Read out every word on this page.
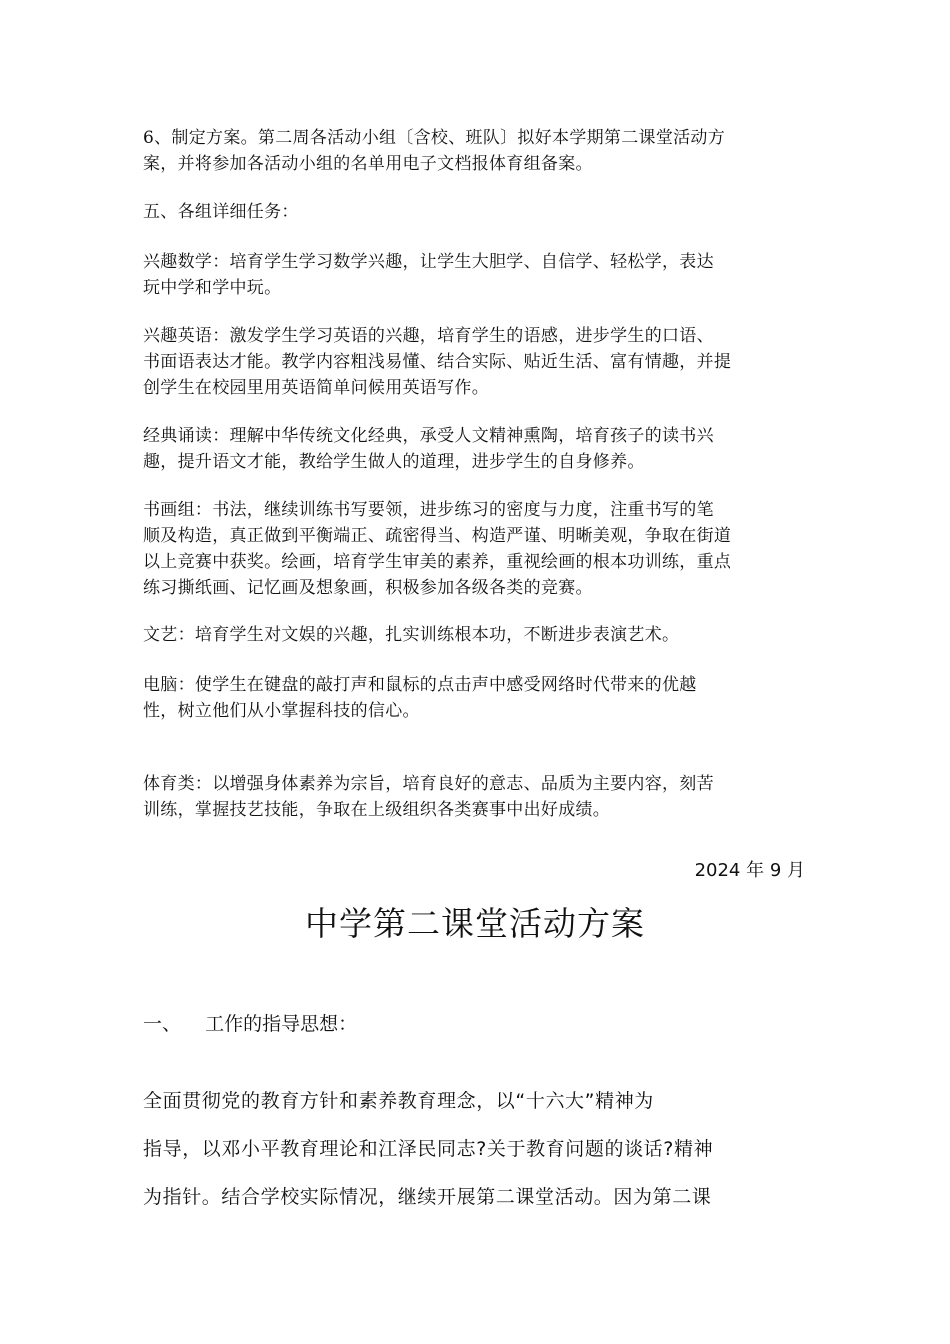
6、制定方案。第二周各活动小组〔含校、班队〕拟好本学期第二课堂活动方
案，并将参加各活动小组的名单用电子文档报体育组备案。

五、各组详细任务：

兴趣数学：培育学生学习数学兴趣，让学生大胆学、自信学、轻松学，表达
玩中学和学中玩。

兴趣英语：激发学生学习英语的兴趣，培育学生的语感，进步学生的口语、
书面语表达才能。教学内容粗浅易懂、结合实际、贴近生活、富有情趣，并提
创学生在校园里用英语简单问候用英语写作。

经典诵读：理解中华传统文化经典，承受人文精神熏陶，培育孩子的读书兴
趣，提升语文才能，教给学生做人的道理，进步学生的自身修养。

书画组：书法，继续训练书写要领，进步练习的密度与力度，注重书写的笔
顺及构造，真正做到平衡端正、疏密得当、构造严谨、明晰美观，争取在街道
以上竞赛中获奖。绘画，培育学生审美的素养，重视绘画的根本功训练，重点
练习撕纸画、记忆画及想象画，积极参加各级各类的竞赛。

文艺：培育学生对文娱的兴趣，扎实训练根本功，不断进步表演艺术。

电脑：使学生在键盘的敲打声和鼠标的点击声中感受网络时代带来的优越
性，树立他们从小掌握科技的信心。

体育类：以增强身体素养为宗旨，培育良好的意志、品质为主要内容，刻苦
训练，掌握技艺技能，争取在上级组织各类赛事中出好成绩。

2024 年 9 月
中学第二课堂活动方案
一、    工作的指导思想：
全面贯彻党的教育方针和素养教育理念，以“十六大”精神为
指导，以邓小平教育理论和江泽民同志?关于教育问题的谈话?精神
为指针。结合学校实际情况，继续开展第二课堂活动。因为第二课
